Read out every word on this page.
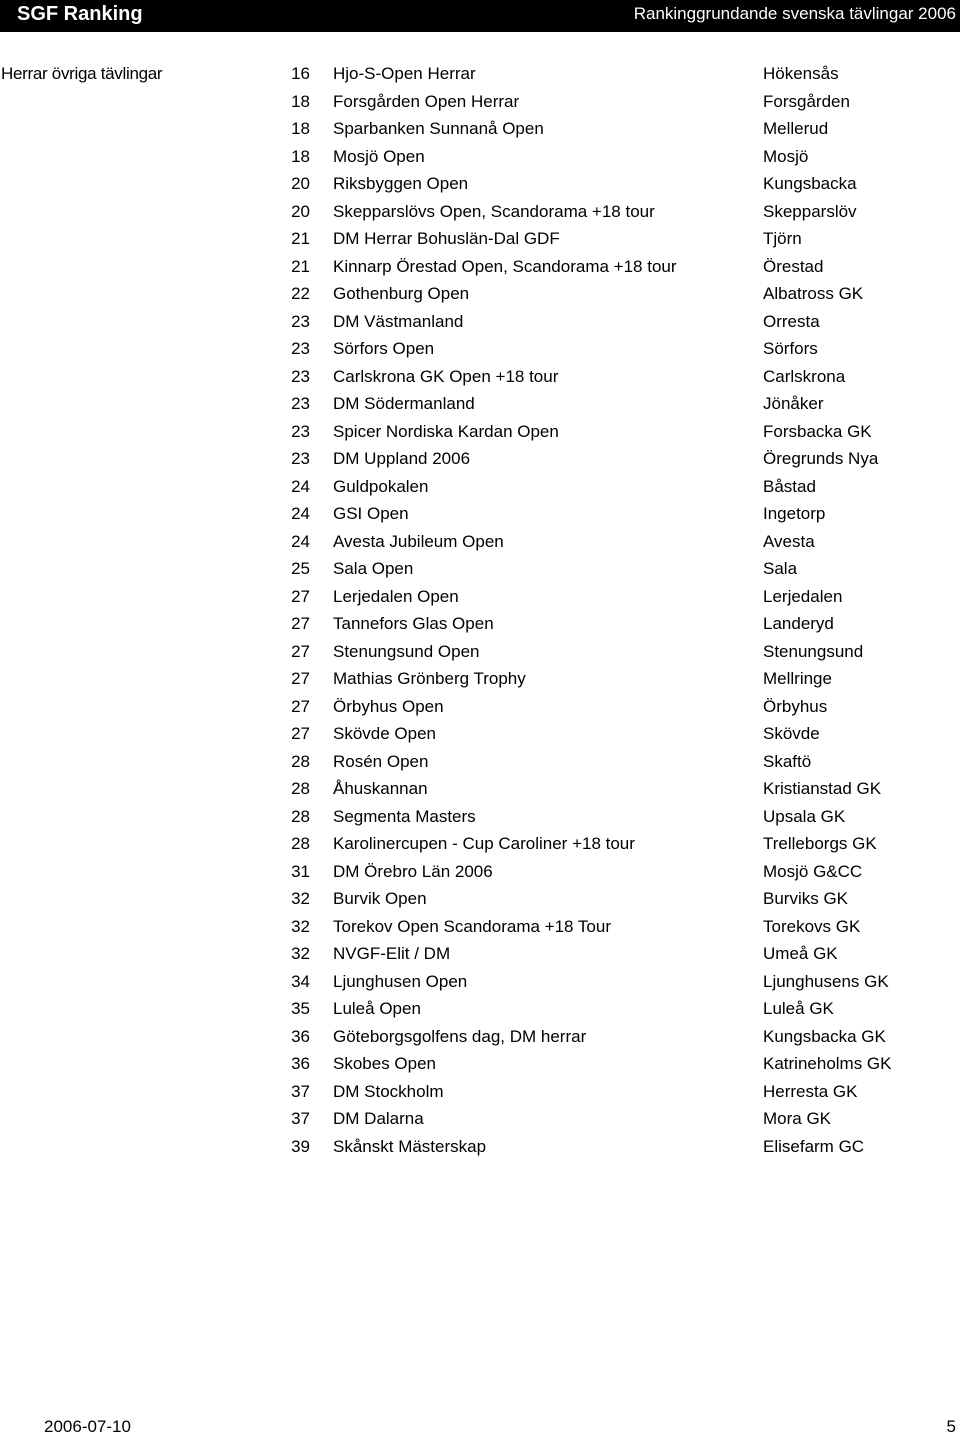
SGF Ranking	Rankinggrundande svenska tävlingar 2006
Herrar övriga tävlingar	16 Hjo-S-Open Herrar	Hökensås
18 Forsgården Open Herrar	Forsgården
18 Sparbanken Sunnanå Open	Mellerud
18 Mosjö Open	Mosjö
20 Riksbyggen Open	Kungsbacka
20 Skepparslövs Open, Scandorama +18 tour	Skepparslöv
21 DM Herrar Bohuslän-Dal GDF	Tjörn
21 Kinnarp Örestad Open, Scandorama +18 tour	Örestad
22 Gothenburg Open	Albatross GK
23 DM Västmanland	Orresta
23 Sörfors Open	Sörfors
23 Carlskrona GK Open +18 tour	Carlskrona
23 DM Södermanland	Jönåker
23 Spicer Nordiska Kardan Open	Forsbacka GK
23 DM Uppland 2006	Öregrunds Nya
24 Guldpokalen	Båstad
24 GSI Open	Ingetorp
24 Avesta Jubileum Open	Avesta
25 Sala Open	Sala
27 Lerjedalen Open	Lerjedalen
27 Tannefors Glas Open	Landeryd
27 Stenungsund Open	Stenungsund
27 Mathias Grönberg Trophy	Mellringe
27 Örbyhus Open	Örbyhus
27 Skövde Open	Skövde
28 Rosén Open	Skaftö
28 Åhuskannan	Kristianstad GK
28 Segmenta Masters	Upsala GK
28 Karolinercupen - Cup Caroliner +18 tour	Trelleborgs GK
31 DM Örebro Län 2006	Mosjö G&CC
32 Burvik Open	Burviks GK
32 Torekov Open Scandorama +18 Tour	Torekovs GK
32 NVGF-Elit / DM	Umeå GK
34 Ljunghusen Open	Ljunghusens GK
35 Luleå Open	Luleå GK
36 Göteborgsgolfens dag, DM herrar	Kungsbacka GK
36 Skobes Open	Katrineholms GK
37 DM Stockholm	Herresta GK
37 DM Dalarna	Mora GK
39 Skånskt Mästerskap	Elisefarm GC
2006-07-10	5
